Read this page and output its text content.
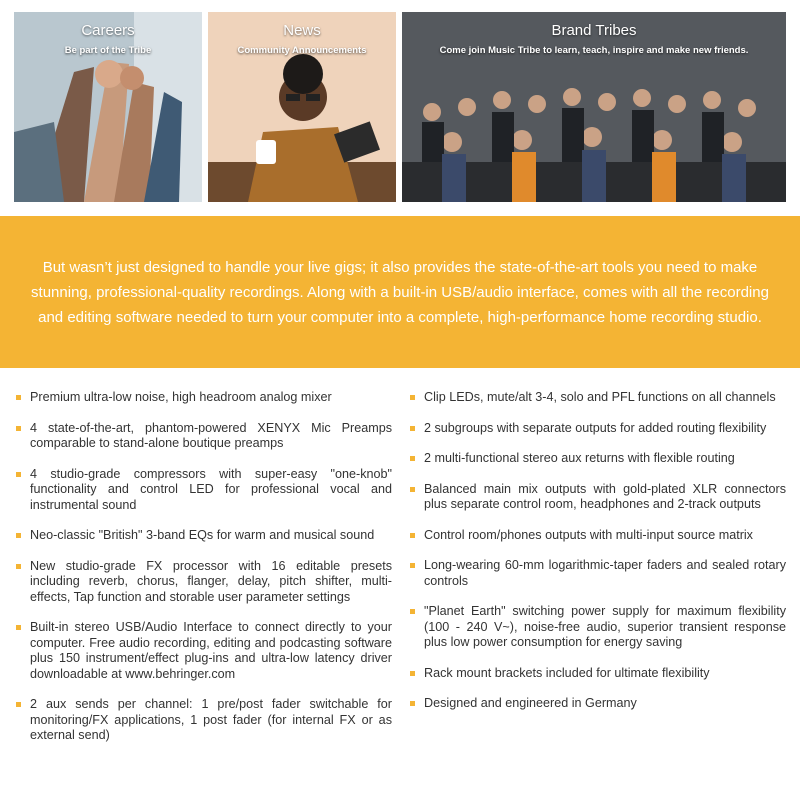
Careers
Be part of the Tribe
News
Community Announcements
Brand Tribes
Come join Music Tribe to learn, teach, inspire and make new friends.

But wasn’t just designed to handle your live gigs; it also provides the state-of-the-art tools you need to make stunning, professional-quality recordings. Along with a built-in USB/audio interface, comes with all the recording and editing software needed to turn your computer into a complete, high-performance home recording studio.

Premium ultra-low noise, high headroom analog mixer
4 state-of-the-art, phantom-powered XENYX Mic Preamps comparable to stand-alone boutique preamps
4 studio-grade compressors with super-easy "one-knob" functionality and control LED for professional vocal and instrumental sound
Neo-classic "British" 3-band EQs for warm and musical sound
New studio-grade FX processor with 16 editable presets including reverb, chorus, flanger, delay, pitch shifter, multi-effects, Tap function and storable user parameter settings
Built-in stereo USB/Audio Interface to connect directly to your computer. Free audio recording, editing and podcasting software plus 150 instrument/effect plug-ins and ultra-low latency driver downloadable at www.behringer.com
2 aux sends per channel: 1 pre/post fader switchable for monitoring/FX applications, 1 post fader (for internal FX or as external send)
Clip LEDs, mute/alt 3-4, solo and PFL functions on all channels
2 subgroups with separate outputs for added routing flexibility
2 multi-functional stereo aux returns with flexible routing
Balanced main mix outputs with gold-plated XLR connectors plus separate control room, headphones and 2-track outputs
Control room/phones outputs with multi-input source matrix
Long-wearing 60-mm logarithmic-taper faders and sealed rotary controls
"Planet Earth" switching power supply for maximum flexibility (100 - 240 V~), noise-free audio, superior transient response plus low power consumption for energy saving
Rack mount brackets included for ultimate flexibility
Designed and engineered in Germany
